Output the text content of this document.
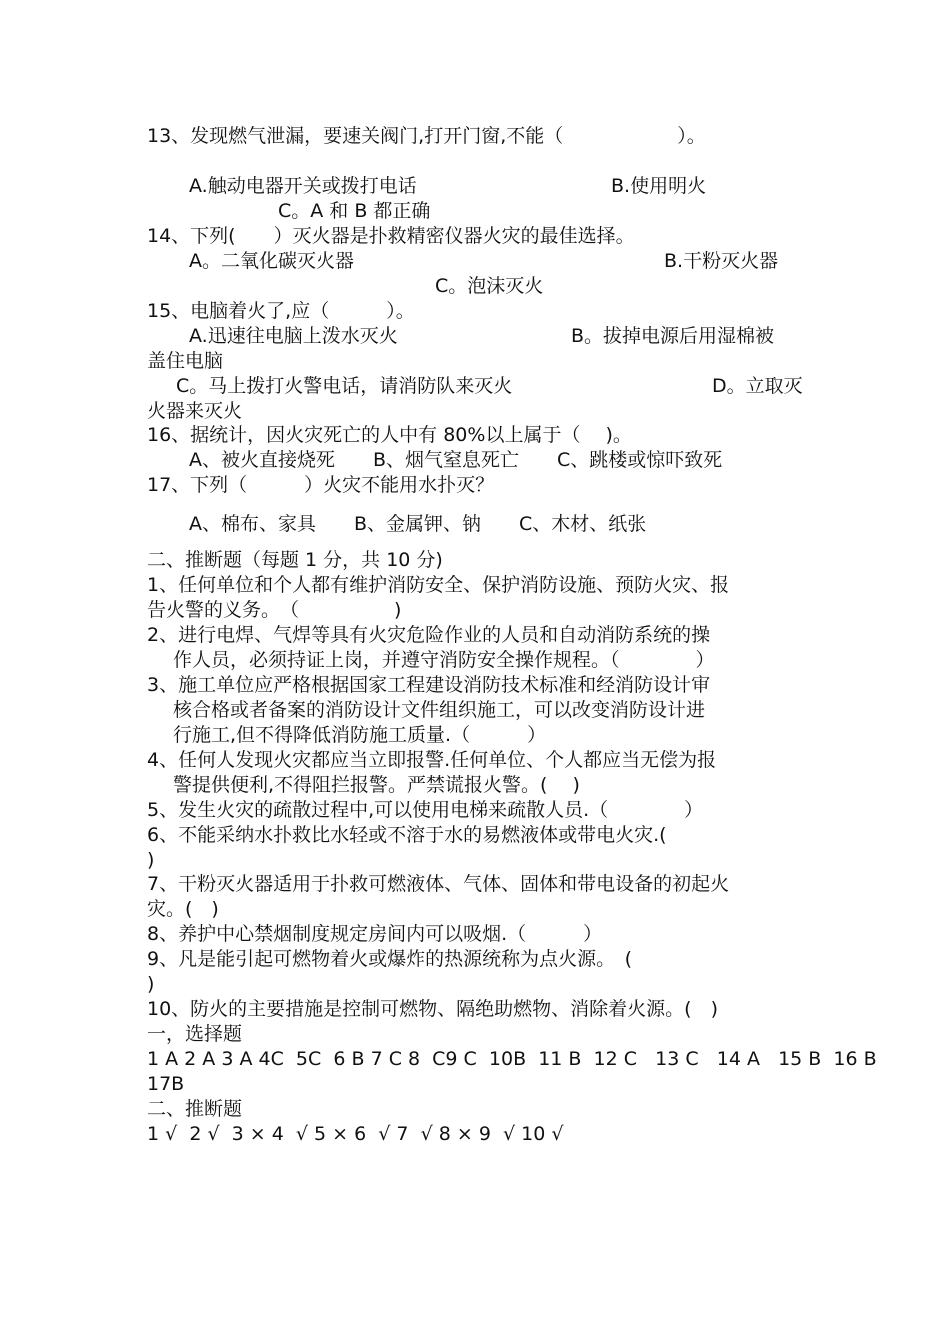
13、发现燃气泄漏，要速关阀门,打开门窗,不能（　　　　　　）。
A.触动电器开关或拨打电话	B.使用明火
C。A 和 B 都正确
14、下列(　　）灭火器是扑救精密仪器火灾的最佳选择。
A。二氧化碳灭火器	B.干粉灭火器
C。泡沫灭火
15、电脑着火了,应（　　　）。
A.迅速往电脑上泼水灭火	B。拔掉电源后用湿棉被
盖住电脑
C。马上拨打火警电话，请消防队来灭火	D。立取灭
火器来灭火
16、据统计，因火灾死亡的人中有 80%以上属于（　 )。
A、被火直接烧死　　B、烟气窒息死亡　　C、跳楼或惊吓致死
17、下列（　　　）火灾不能用水扑灭？
A、棉布、家具　　B、金属钾、钠　　C、木材、纸张
二、推断题（每题 1 分，共 10 分)
1、任何单位和个人都有维护消防安全、保护消防设施、预防火灾、报
告火警的义务。　（　　　　　)
2、进行电焊、气焊等具有火灾危险作业的人员和自动消防系统的操
作人员，必须持证上岗，并遵守消防安全操作规程。（　　　　）
3、施工单位应严格根据国家工程建设消防技术标准和经消防设计审
核合格或者备案的消防设计文件组织施工，可以改变消防设计进
行施工,但不得降低消防施工质量.（　　　）
4、任何人发现火灾都应当立即报警.任何单位、个人都应当无偿为报
警提供便利,不得阻拦报警。严禁谎报火警。(　 )
5、发生火灾的疏散过程中,可以使用电梯来疏散人员.（　　　　）
6、不能采纳水扑救比水轻或不溶于水的易燃液体或带电火灾.(
)
7、干粉灭火器适用于扑救可燃液体、气体、固体和带电设备的初起火
灾。(　)
8、养护中心禁烟制度规定房间内可以吸烟.（　　　）
9、凡是能引起可燃物着火或爆炸的热源统称为点火源。　(
)
10、防火的主要措施是控制可燃物、隔绝助燃物、消除着火源。(　)
一，选择题
1 A 2 A 3 A 4C  5C  6 B 7 C 8  C9 C  10B  11 B  12 C   13 C   14 A   15 B  16 B
17B
二、推断题
1 √  2 √  3 × 4  √ 5 × 6  √ 7  √ 8 × 9  √ 10 √
